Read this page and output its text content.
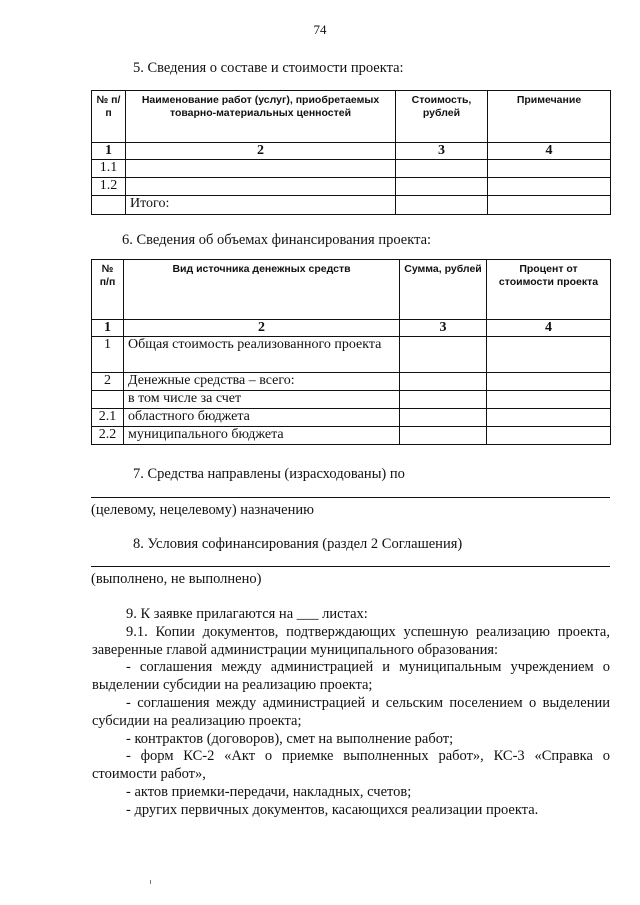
74
5. Сведения о составе и стоимости проекта:
№ п/п	Наименование работ (услуг), приобретаемых товарно-материальных ценностей	Стоимость, рублей	Примечание
1	2	3	4
1.1			
1.2			
	Итого:		
6. Сведения об объемах финансирования проекта:
№ п/п	Вид источника денежных средств	Сумма, рублей	Процент от стоимости проекта
1	2	3	4
1	Общая стоимость реализованного проекта		
2	Денежные средства – всего:		
	в том числе за счет		
2.1	областного бюджета		
2.2	муниципального бюджета		
7. Средства направлены (израсходованы) по
(целевому, нецелевому) назначению
8. Условия софинансирования (раздел 2 Соглашения)
(выполнено, не выполнено)

9. К заявке прилагаются на ___ листах:

9.1. Копии документов, подтверждающих успешную реализацию проекта, заверенные главой администрации муниципального образования:

- соглашения между администрацией и муниципальным учреждением о выделении субсидии на реализацию проекта;

- соглашения между администрацией и сельским поселением о выделении субсидии на реализацию проекта;

- контрактов (договоров), смет на выполнение работ;

- форм КС-2 «Акт о приемке выполненных работ», КС-3 «Справка о стоимости работ»,

- актов приемки-передачи, накладных, счетов;

- других первичных документов, касающихся реализации проекта.
